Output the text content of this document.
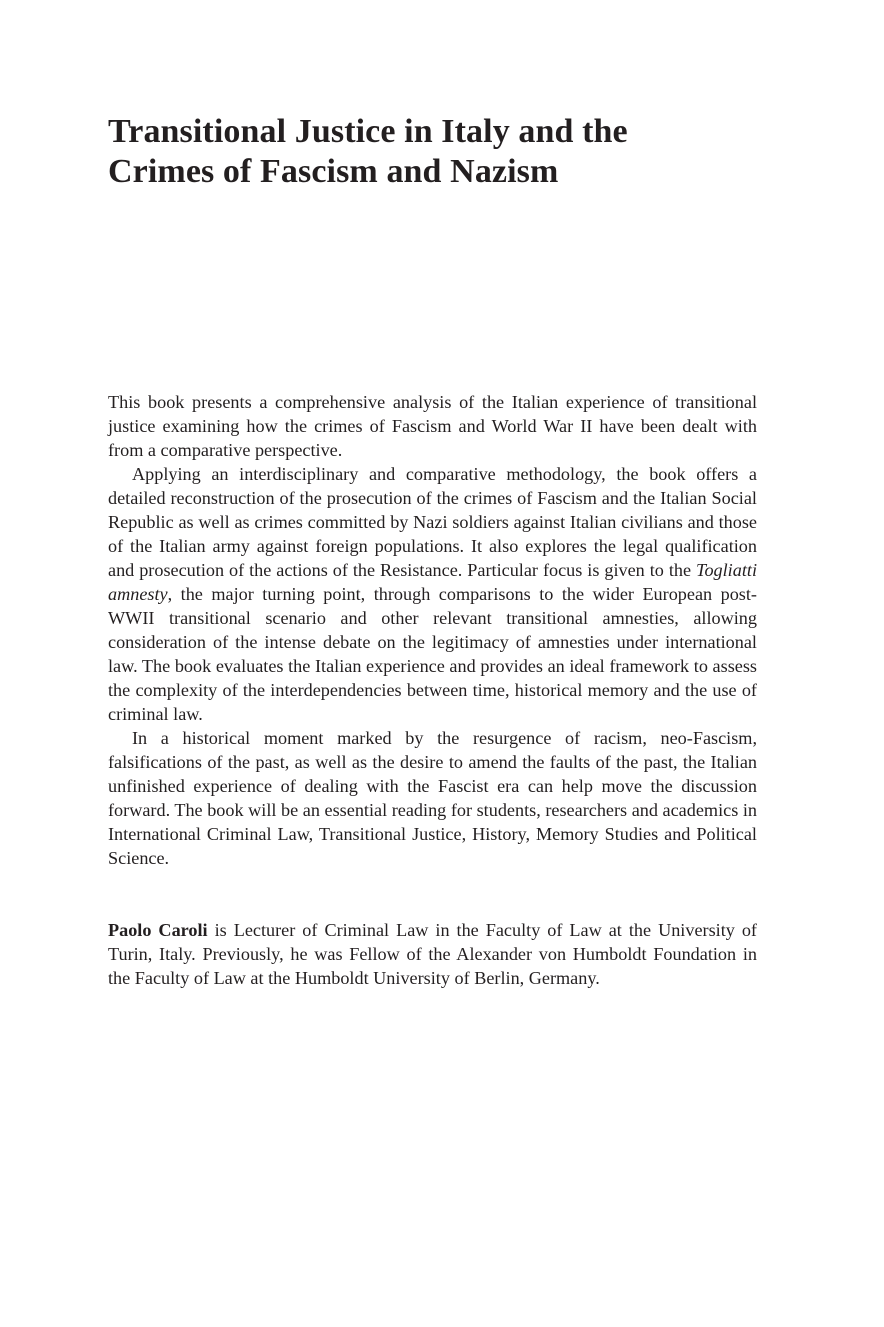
Transitional Justice in Italy and the
Crimes of Fascism and Nazism

This book presents a comprehensive analysis of the Italian experience of transitional justice examining how the crimes of Fascism and World War II have been dealt with from a comparative perspective.

Applying an interdisciplinary and comparative methodology, the book offers a detailed reconstruction of the prosecution of the crimes of Fascism and the Italian Social Republic as well as crimes committed by Nazi soldiers against Italian civilians and those of the Italian army against foreign populations. It also explores the legal qualification and prosecution of the actions of the Resistance. Particular focus is given to the Togliatti amnesty, the major turning point, through comparisons to the wider European post-WWII transitional scenario and other relevant transitional amnesties, allowing consideration of the intense debate on the legitimacy of amnesties under international law. The book evaluates the Italian experience and provides an ideal framework to assess the complexity of the interdependencies between time, historical memory and the use of criminal law.

In a historical moment marked by the resurgence of racism, neo-Fascism, falsifications of the past, as well as the desire to amend the faults of the past, the Italian unfinished experience of dealing with the Fascist era can help move the discussion forward. The book will be an essential reading for students, researchers and academics in International Criminal Law, Transitional Justice, History, Memory Studies and Political Science.

Paolo Caroli is Lecturer of Criminal Law in the Faculty of Law at the University of Turin, Italy. Previously, he was Fellow of the Alexander von Humboldt Foundation in the Faculty of Law at the Humboldt University of Berlin, Germany.
